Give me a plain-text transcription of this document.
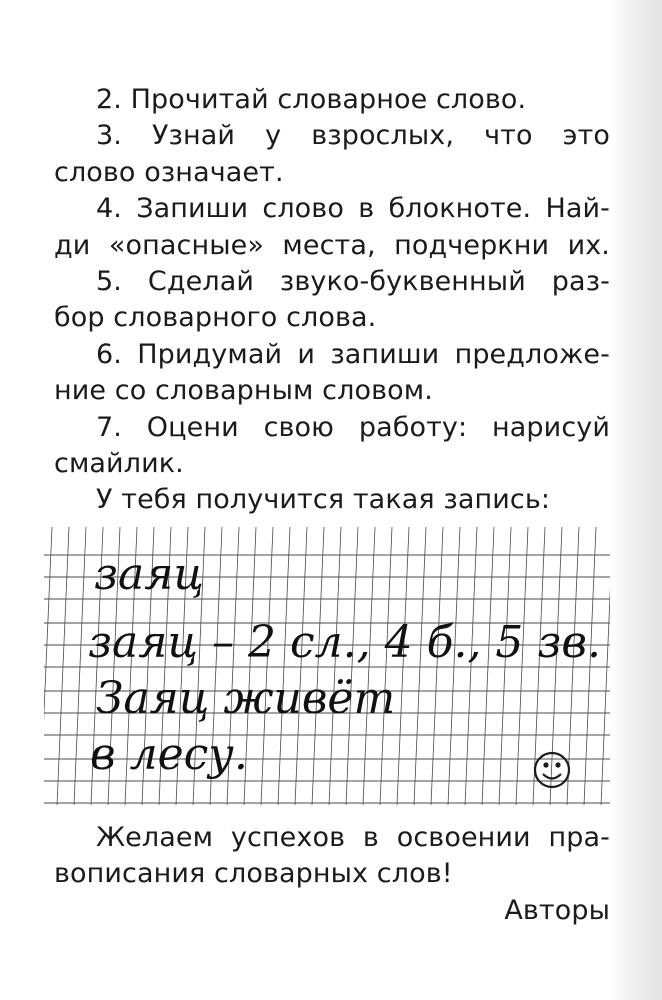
2. Прочитай словарное слово.
3. Узнай у взрослых, что это
слово означает.
4. Запиши слово в блокноте. Най-
ди «опасные» места, подчеркни их.
5. Сделай звуко-буквенный раз-
бор словарного слова.
6. Придумай и запиши предложе-
ние со словарным словом.
7. Оцени свою работу: нарисуй
смайлик.
У тебя получится такая запись:
заяц
заяц – 2 сл., 4 б., 5 зв.
Заяц живёт
в лесу.
Желаем успехов в освоении пра-
вописания словарных слов!
Авторы
